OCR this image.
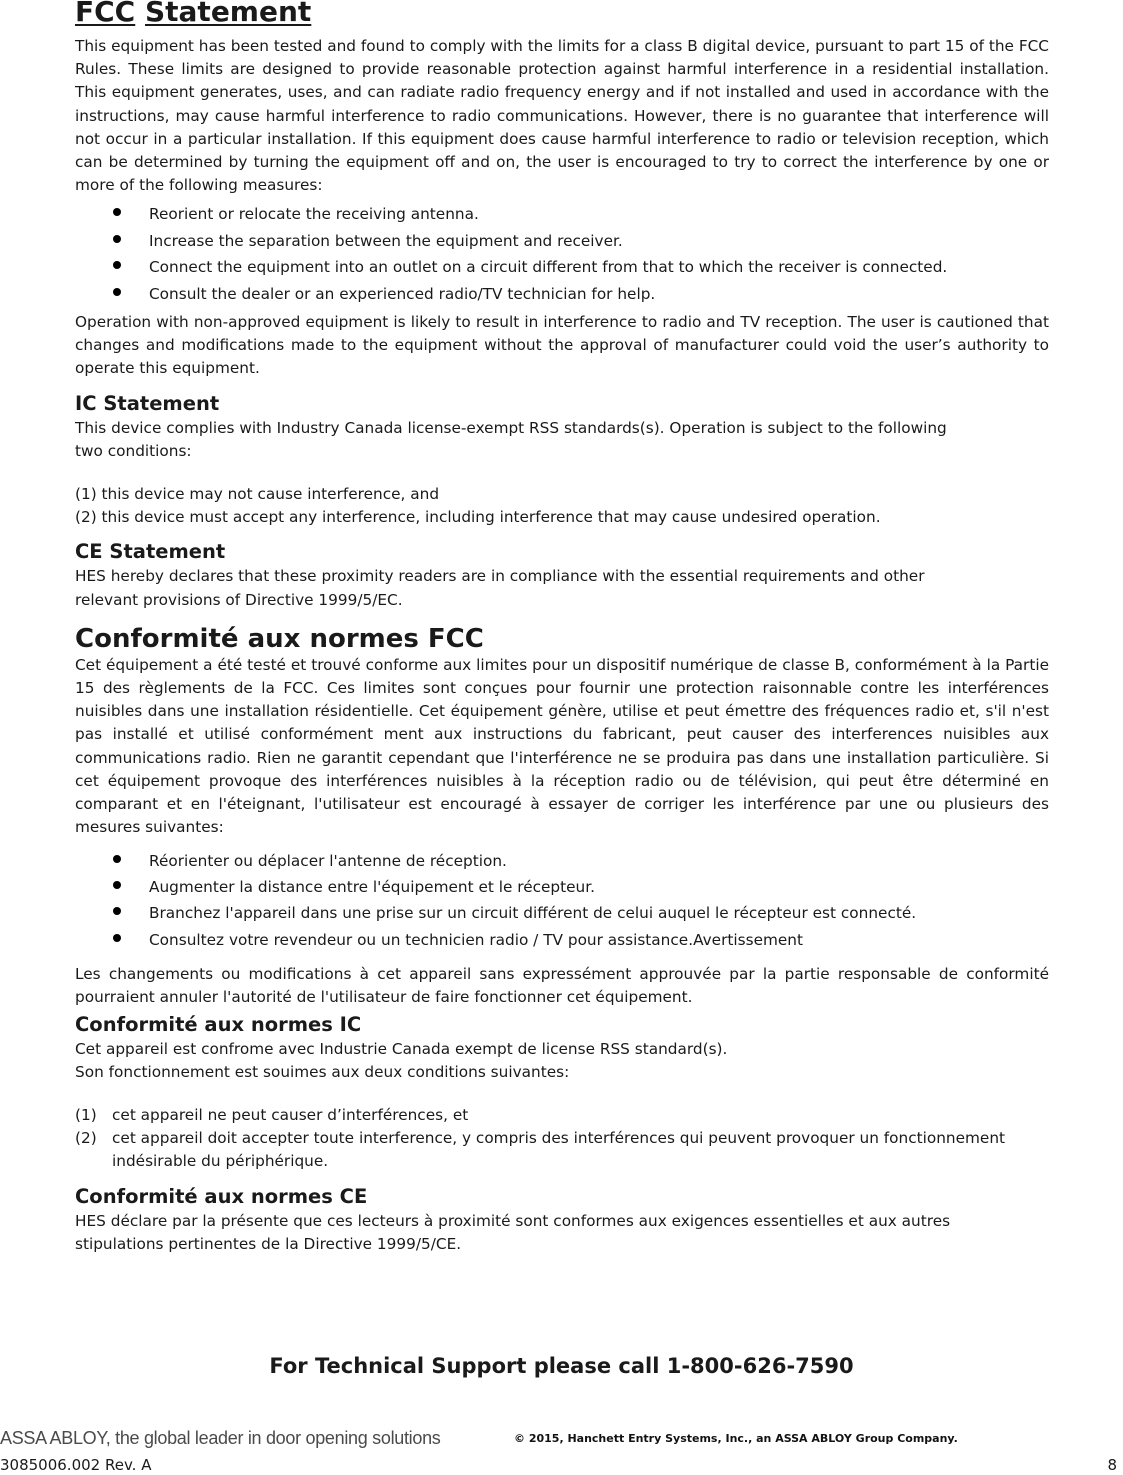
FCC Statement

This equipment has been tested and found to comply with the limits for a class B digital device, pursuant to part 15 of the FCC Rules. These limits are designed to provide reasonable protection against harmful interference in a residential installation. This equipment generates, uses, and can radiate radio frequency energy and if not installed and used in accordance with the instructions, may cause harmful interference to radio communications. However, there is no guarantee that interference will not occur in a particular installation. If this equipment does cause harmful interference to radio or television reception, which can be determined by turning the equipment off and on, the user is encouraged to try to correct the interference by one or more of the following measures:

Reorient or relocate the receiving antenna.
Increase the separation between the equipment and receiver.
Connect the equipment into an outlet on a circuit different from that to which the receiver is connected.
Consult the dealer or an experienced radio/TV technician for help.

Operation with non-approved equipment is likely to result in interference to radio and TV reception. The user is cautioned that changes and modifications made to the equipment without the approval of manufacturer could void the user’s authority to operate this equipment.

IC Statement

This device complies with Industry Canada license-exempt RSS standards(s). Operation is subject to the following

two conditions:

(1) this device may not cause interference, and

(2) this device must accept any interference, including interference that may cause undesired operation.

CE Statement

HES hereby declares that these proximity readers are in compliance with the essential requirements and other

relevant provisions of Directive 1999/5/EC.

Conformité aux normes FCC

Cet équipement a été testé et trouvé conforme aux limites pour un dispositif numérique de classe B, conformément à la Partie 15 des règlements de la FCC. Ces limites sont conçues pour fournir une protection raisonnable contre les interférences nuisibles dans une installation résidentielle. Cet équipement génère, utilise et peut émettre des fréquences radio et, s'il n'est pas installé et utilisé conformément ment aux instructions du fabricant, peut causer des interferences nuisibles aux communications radio. Rien ne garantit cependant que l'interférence ne se produira pas dans une installation particulière. Si cet équipement provoque des interférences nuisibles à la réception radio ou de télévision, qui peut être déterminé en comparant et en l'éteignant, l'utilisateur est encouragé à essayer de corriger les interférence par une ou plusieurs des mesures suivantes:

Réorienter ou déplacer l'antenne de réception.
Augmenter la distance entre l'équipement et le récepteur.
Branchez l'appareil dans une prise sur un circuit différent de celui auquel le récepteur est connecté.
Consultez votre revendeur ou un technicien radio / TV pour assistance.Avertissement

Les changements ou modifications à cet appareil sans expressément approuvée par la partie responsable de conformité pourraient annuler l'autorité de l'utilisateur de faire fonctionner cet équipement.

Conformité aux normes IC

Cet appareil est confrome avec Industrie Canada exempt de license RSS standard(s).

Son fonctionnement est souimes aux deux conditions suivantes:

(1) cet appareil ne peut causer d’interférences, et
(2) cet appareil doit accepter toute interference, y compris des interférences qui peuvent provoquer un fonctionnement indésirable du périphérique.
Conformité aux normes CE

HES déclare par la présente que ces lecteurs à proximité sont conformes aux exigences essentielles et aux autres

stipulations pertinentes de la Directive 1999/5/CE.

For Technical Support please call 1-800-626-7590
ASSA ABLOY, the global leader in door opening solutions	© 2015, Hanchett Entry Systems, Inc., an ASSA ABLOY Group Company.
3085006.002 Rev. A	8
